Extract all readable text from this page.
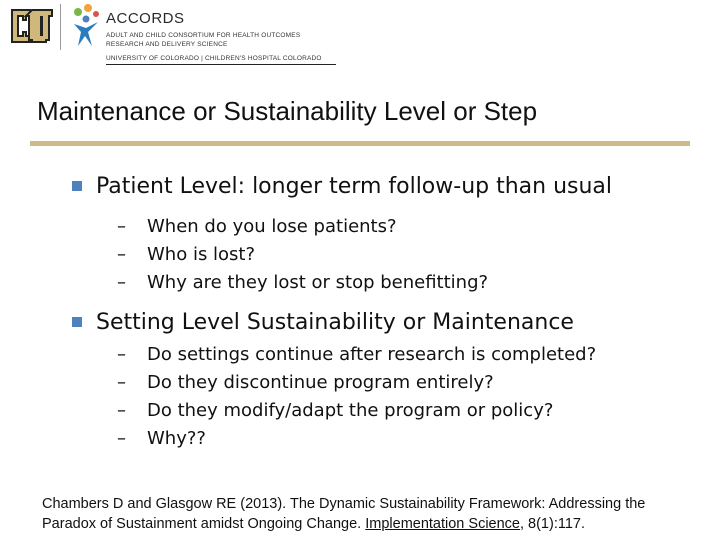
ACCORDS
ADULT AND CHILD CONSORTIUM FOR HEALTH OUTCOMES
RESEARCH AND DELIVERY SCIENCE
UNIVERSITY OF COLORADO | CHILDREN'S HOSPITAL COLORADO
Maintenance or Sustainability Level or Step
Patient Level: longer term follow-up than usual
– When do you lose patients?
– Who is lost?
– Why are they lost or stop benefitting?
Setting Level Sustainability or Maintenance
– Do settings continue after research is completed?
– Do they discontinue program entirely?
– Do they modify/adapt the program or policy?
– Why??
Chambers D and Glasgow RE (2013). The Dynamic Sustainability Framework: Addressing the Paradox of Sustainment amidst Ongoing Change. Implementation Science, 8(1):117.
